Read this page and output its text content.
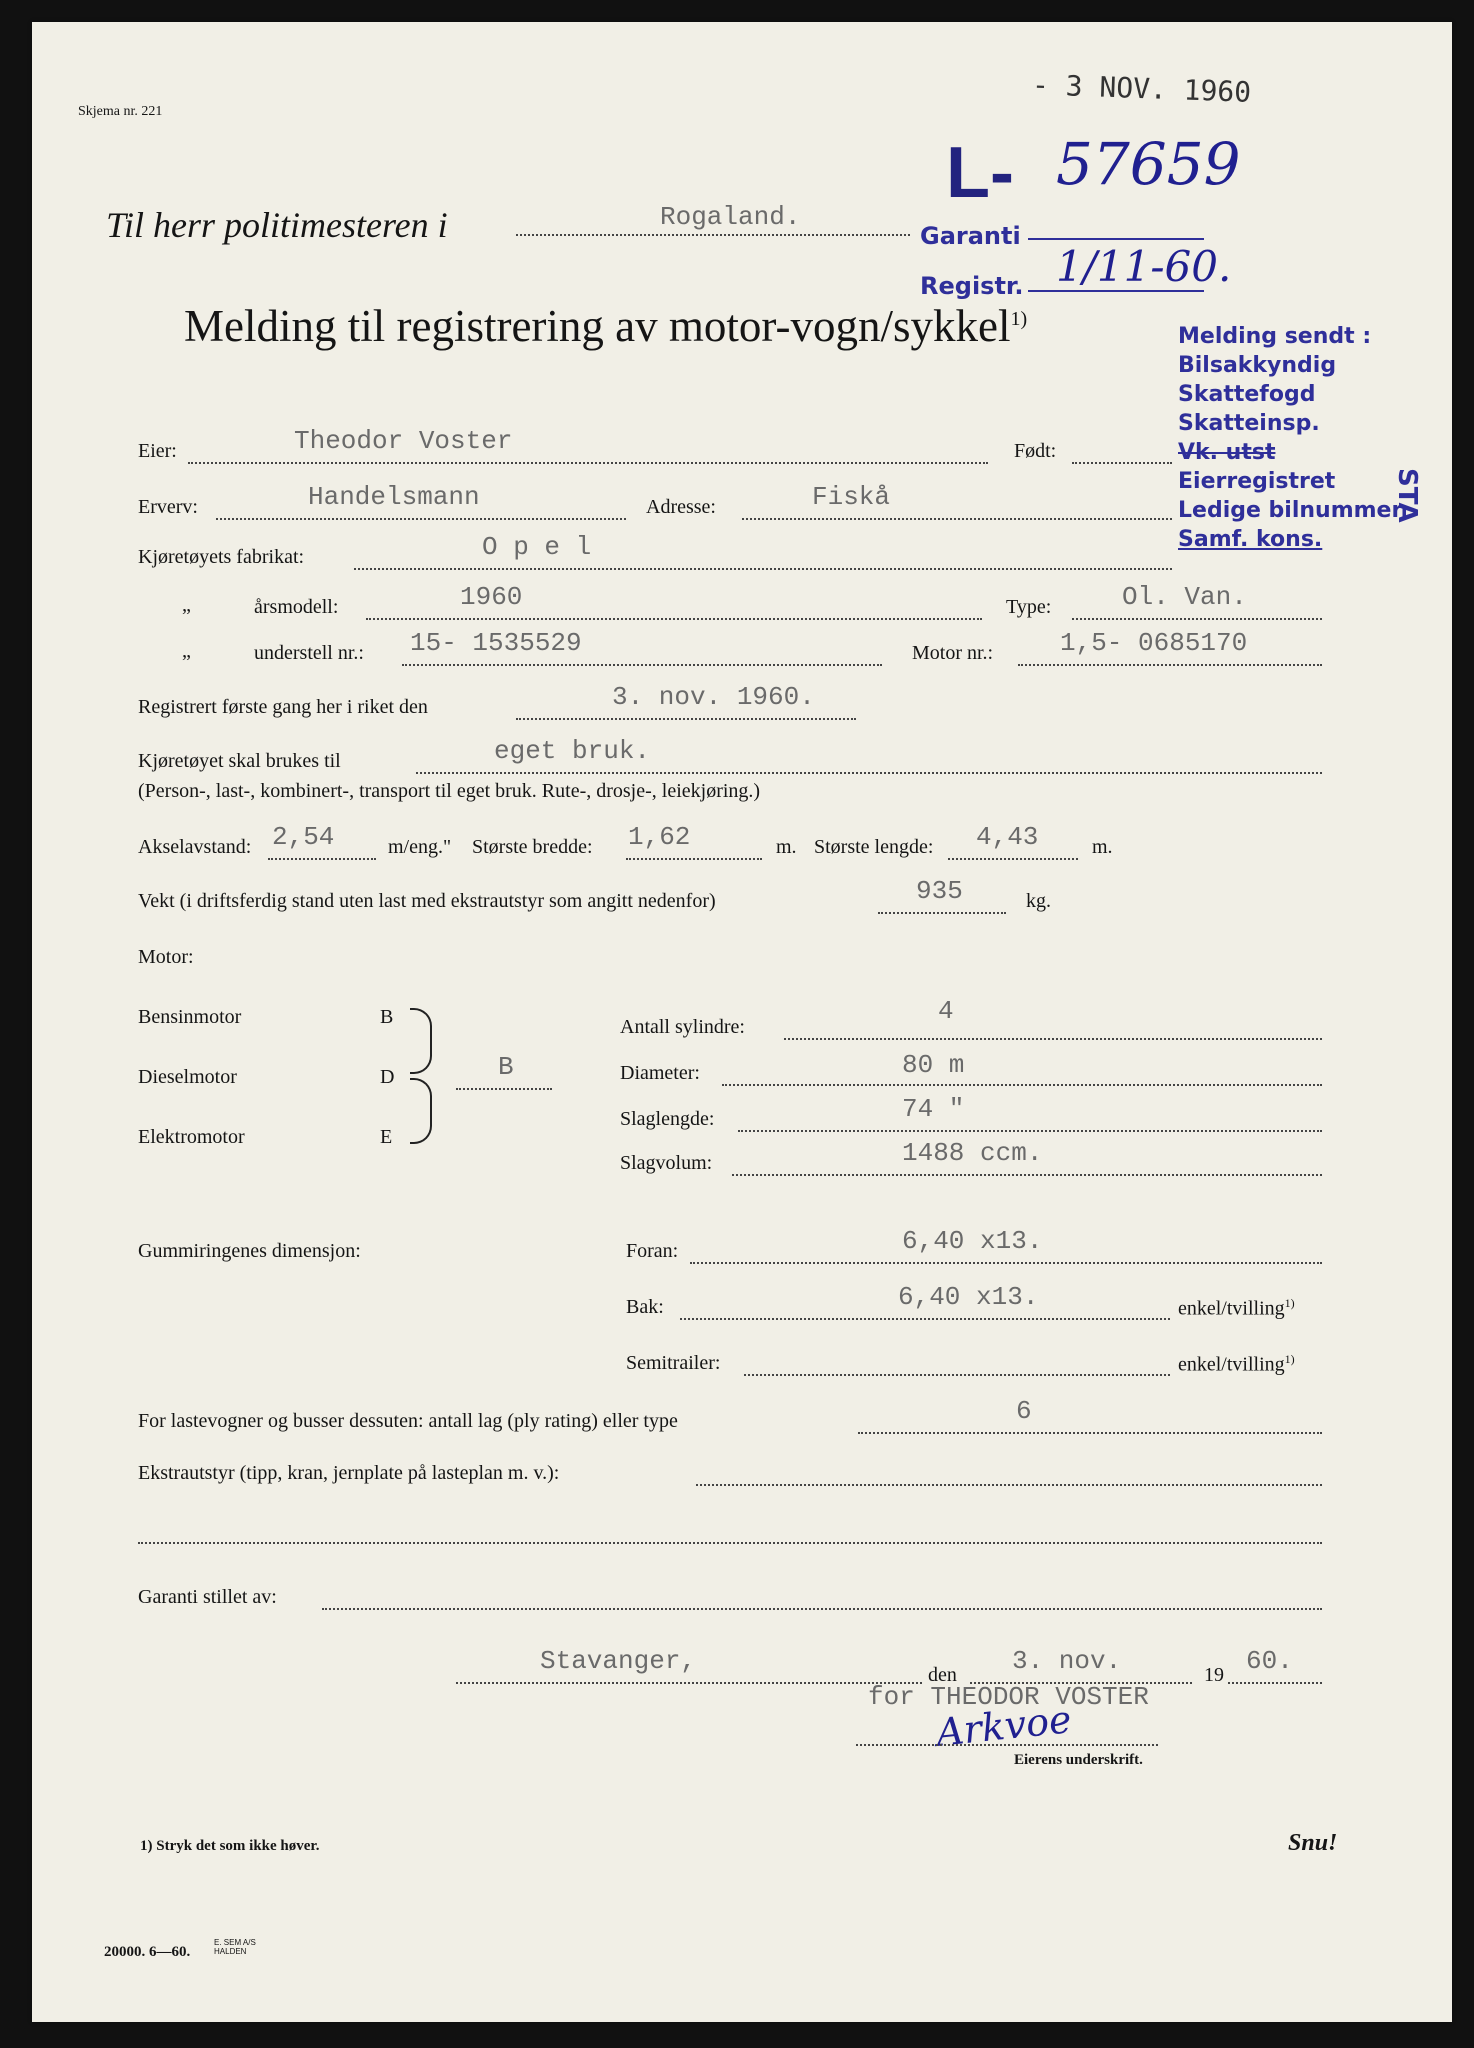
Skjema nr. 221
- 3 NOV. 1960
L- 57659
Til herr politimesteren i	Rogaland.
Garanti
Registr. 1/11-60.
Melding til registrering av motor-vogn/sykkel$^{1)}$
Melding sendt :
Bilsakkyndig
Skattefogd
Skatteinsp.
Vk. utst
Eierregistret
Ledige bilnummer
Samf. kons.
STA
Eier:	Theodor Voster	Født:
Erverv:	Handelsmann	Adresse:	Fiskå
Kjøretøyets fabrikat:	O p e l
„	årsmodell:	1960	Type:	Ol. Van.
„	understell nr.: 15- 1535529	Motor nr.:	1,5- 0685170
Registrert første gang her i riket den	3. nov. 1960.
Kjøretøyet skal brukes til	eget bruk.
(Person-, last-, kombinert-, transport til eget bruk. Rute-, drosje-, leiekjøring.)
Akselavstand: 2,54	m/eng." Største bredde: 1,62	m. Største lengde: 4,43	m.
Vekt (i driftsferdig stand uten last med ekstrautstyr som angitt nedenfor)	935	kg.
Motor:
Bensinmotor	B
Dieselmotor	D
Elektromotor	E
B
Antall sylindre:
4
Diameter:	80 m
Slaglengde:	74 "
Slagvolum:	1488 ccm.
Gummiringenes dimensjon:	Foran:	6,40 x13.
Bak:	6,40 x13.	enkel/tvilling$^{1)}$
Semitrailer:	enkel/tvilling$^{1)}$
For lastevogner og busser dessuten: antall lag (ply rating) eller type	6
Ekstrautstyr (tipp, kran, jernplate på lasteplan m. v.):
Garanti stillet av:
Stavanger,	den 3. nov.	19 60.
for THEODOR VOSTER
Arkvoe
Eierens underskrift.
1) Stryk det som ikke høver.	Snu!
20000. 6—60.
E. SEM A/S
HALDEN
